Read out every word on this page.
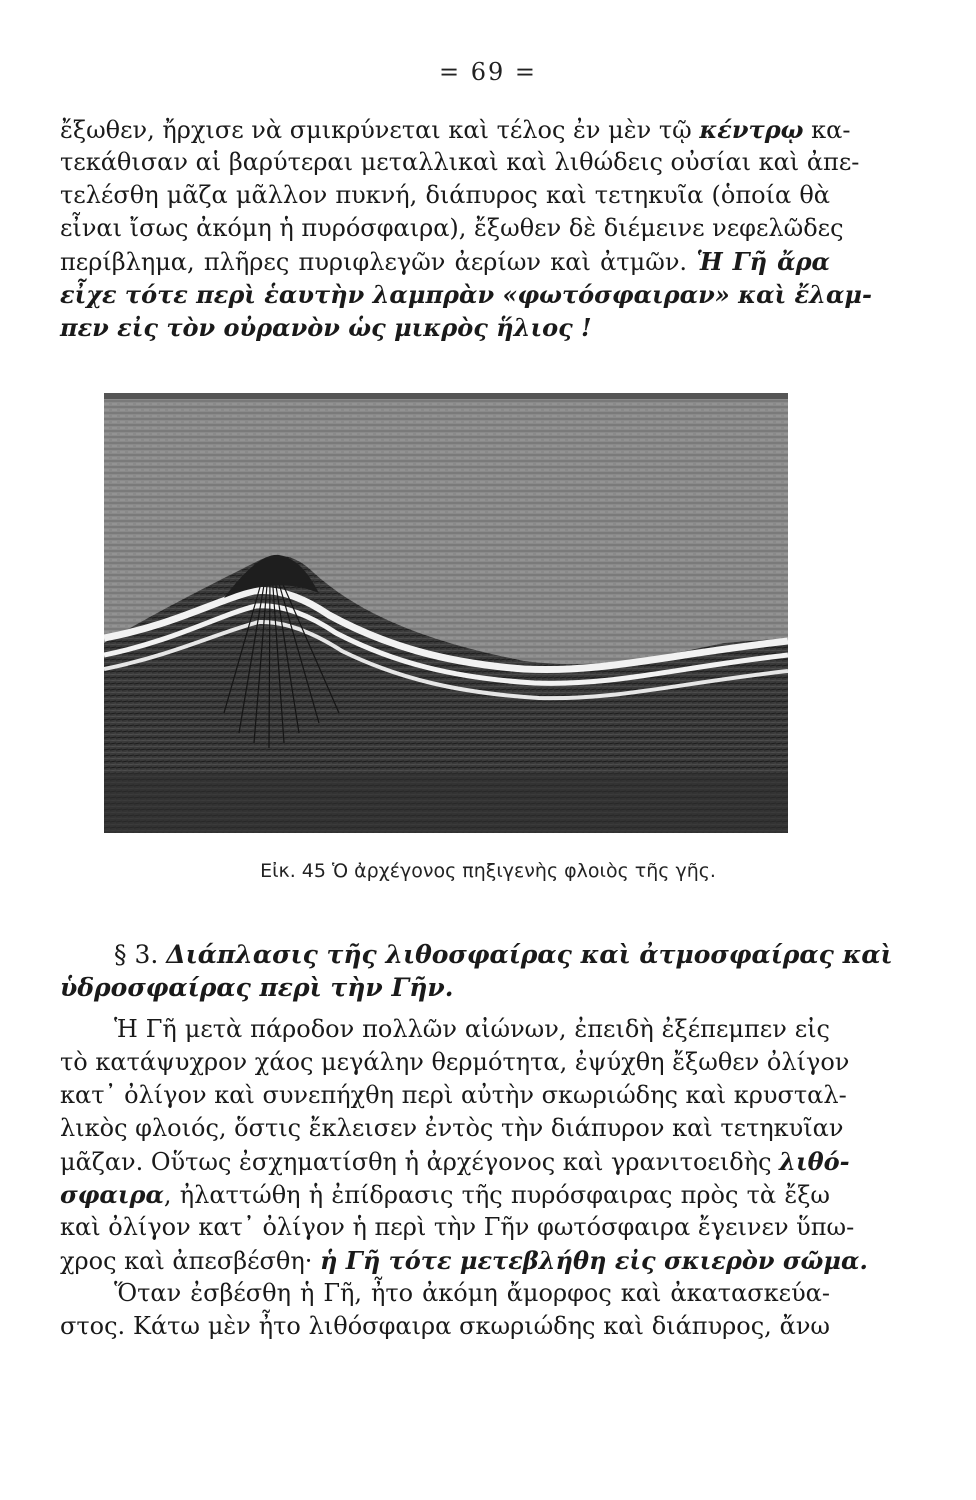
= 69 =
ἔξωθεν, ἤρχισε νὰ σμικρύνεται καὶ τέλος ἐν μὲν τῷ κέντρῳ κα-
τεκάθισαν αἱ βαρύτεραι μεταλλικαὶ καὶ λιθώδεις οὐσίαι καὶ ἀπε-
τελέσθη μᾶζα μᾶλλον πυκνή, διάπυρος καὶ τετηκυῖα (ὁποία θὰ
εἶναι ἴσως ἀκόμη ἡ πυρόσφαιρα), ἔξωθεν δὲ διέμεινε νεφελῶδες
περίβλημα, πλῆρες πυριφλεγῶν ἀερίων καὶ ἀτμῶν. Ἡ Γῆ ἄρα
εἶχε τότε περὶ ἑαυτὴν λαμπρὰν «φωτόσφαιραν» καὶ ἔλαμ-
πεν εἰς τὸν οὐρανὸν ὡς μικρὸς ἥλιος !
Εἰκ. 45 Ὁ ἀρχέγονος πηξιγενὴς φλοιὸς τῆς γῆς.
§ 3. Διάπλασις τῆς λιθοσφαίρας καὶ ἀτμοσφαίρας καὶ
ὑδροσφαίρας περὶ τὴν Γῆν.
Ἡ Γῆ μετὰ πάροδον πολλῶν αἰώνων, ἐπειδὴ ἐξέπεμπεν εἰς
τὸ κατάψυχρον χάος μεγάλην θερμότητα, ἐψύχθη ἔξωθεν ὀλίγον
κατ᾽ ὀλίγον καὶ συνεπήχθη περὶ αὐτὴν σκωριώδης καὶ κρυσταλ-
λικὸς φλοιός, ὅστις ἔκλεισεν ἐντὸς τὴν διάπυρον καὶ τετηκυῖαν
μᾶζαν. Οὕτως ἐσχηματίσθη ἡ ἀρχέγονος καὶ γρανιτοειδὴς λιθό-
σφαιρα, ἠλαττώθη ἡ ἐπίδρασις τῆς πυρόσφαιρας πρὸς τὰ ἔξω
καὶ ὀλίγον κατ᾽ ὀλίγον ἡ περὶ τὴν Γῆν φωτόσφαιρα ἔγεινεν ὕπω-
χρος καὶ ἀπεσβέσθη· ἡ Γῆ τότε μετεβλήθη εἰς σκιερὸν σῶμα.
Ὅταν ἐσβέσθη ἡ Γῆ, ἦτο ἀκόμη ἄμορφος καὶ ἀκατασκεύα-
στος. Κάτω μὲν ἦτο λιθόσφαιρα σκωριώδης καὶ διάπυρος, ἄνω
